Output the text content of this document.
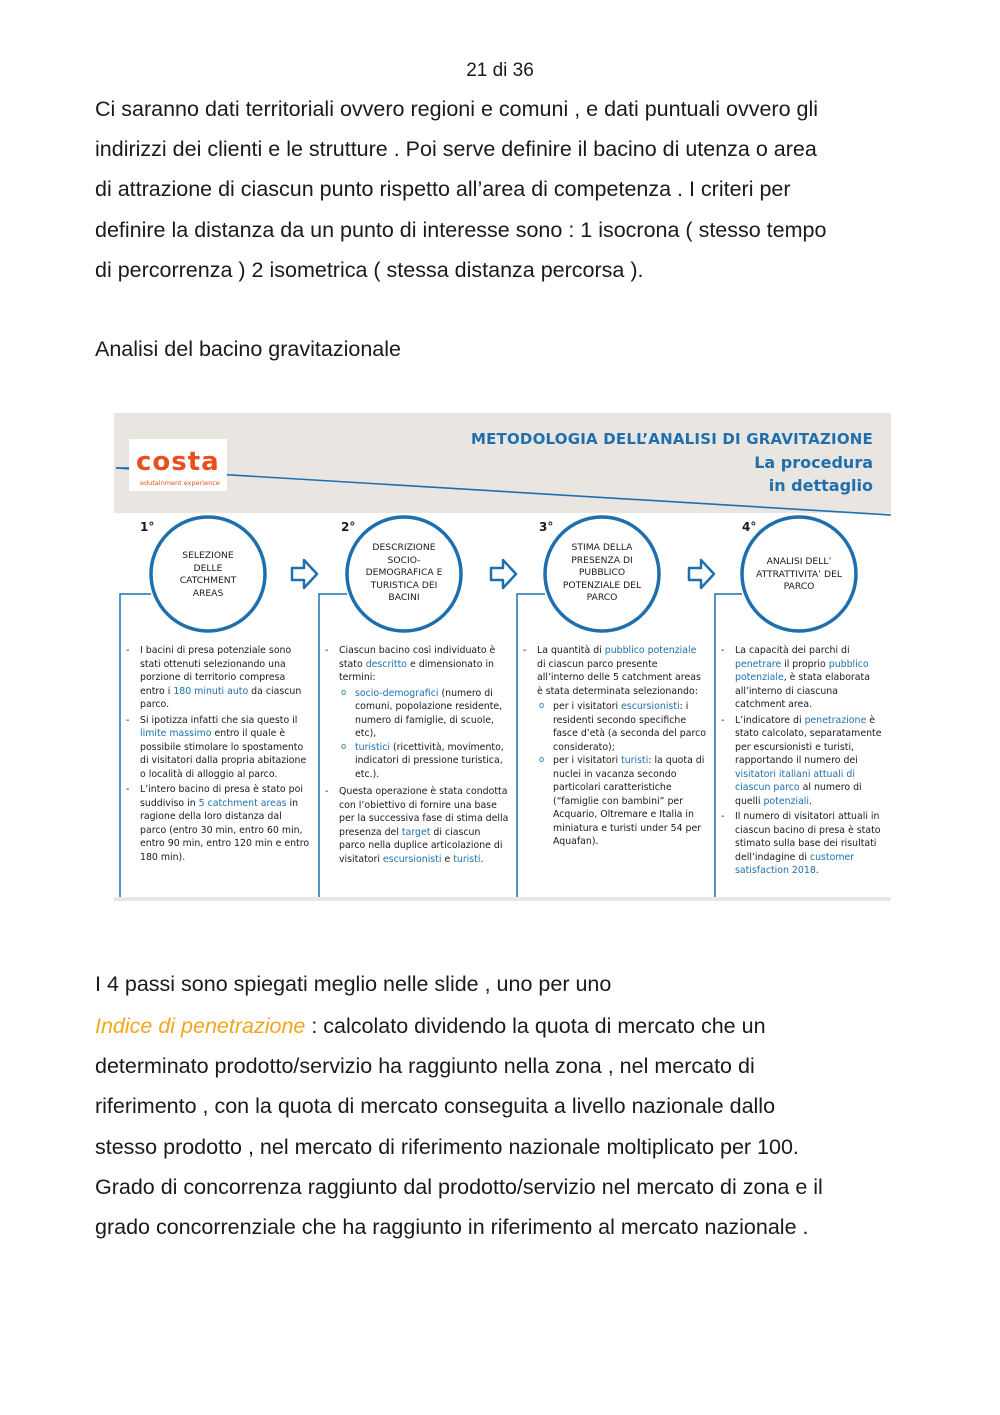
21 di 36
Ci saranno dati territoriali ovvero regioni e comuni , e dati puntuali ovvero gli
indirizzi dei clienti e le strutture . Poi serve definire il bacino di utenza o area
di attrazione di ciascun punto rispetto all’area di competenza . I criteri per
definire la distanza da un punto di interesse sono : 1 isocrona ( stesso tempo
di percorrenza ) 2 isometrica ( stessa distanza percorsa ).
Analisi del bacino gravitazionale
costa
edutainment experience
METODOLOGIA DELL’ANALISI DI GRAVITAZIONE
La procedura
in dettaglio
1°	2°	3°	4°
SELEZIONE DELLE CATCHMENT AREAS
DESCRIZIONE SOCIO-DEMOGRAFICA E TURISTICA DEI BACINI
STIMA DELLA PRESENZA DI PUBBLICO POTENZIALE DEL PARCO
ANALISI DELL’ ATTRATTIVITA’ DEL PARCO

- I bacini di presa potenziale sono stati ottenuti selezionando una porzione di territorio compresa entro i 180 minuti auto da ciascun parco.

- Si ipotizza infatti che sia questo il limite massimo entro il quale è possibile stimolare lo spostamento di visitatori dalla propria abitazione o località di alloggio al parco.

- L’intero bacino di presa è stato poi suddiviso in 5 catchment areas in ragione della loro distanza dal parco (entro 30 min, entro 60 min, entro 90 min, entro 120 min e entro 180 min).

- Ciascun bacino così individuato è stato descritto e dimensionato in termini:

o socio-demografici (numero di comuni, popolazione residente, numero di famiglie, di scuole, etc),
o turistici (ricettività, movimento, indicatori di pressione turistica, etc.).

- Questa operazione è stata condotta con l’obiettivo di fornire una base per la successiva fase di stima della presenza del target di ciascun parco nella duplice articolazione di visitatori escursionisti e turisti.

- La quantità di pubblico potenziale di ciascun parco presente all’interno delle 5 catchment areas è stata determinata selezionando:

o per i visitatori escursionisti: i residenti secondo specifiche fasce d’età (a seconda del parco considerato);
o per i visitatori turisti: la quota di nuclei in vacanza secondo particolari caratteristiche (“famiglie con bambini” per Acquario, Oltremare e Italia in miniatura e turisti under 54 per Aquafan).

- La capacità dei parchi di penetrare il proprio pubblico potenziale, è stata elaborata all’interno di ciascuna catchment area.

- L’indicatore di penetrazione è stato calcolato, separatamente per escursionisti e turisti, rapportando il numero dei visitatori italiani attuali di ciascun parco al numero di quelli potenziali.

- Il numero di visitatori attuali in ciascun bacino di presa è stato stimato sulla base dei risultati dell’indagine di customer satisfaction 2018.

I 4 passi sono spiegati meglio nelle slide , uno per uno
Indice di penetrazione : calcolato dividendo la quota di mercato che un
determinato prodotto/servizio ha raggiunto nella zona , nel mercato di
riferimento , con la quota di mercato conseguita a livello nazionale dallo
stesso prodotto , nel mercato di riferimento nazionale moltiplicato per 100.
Grado di concorrenza raggiunto dal prodotto/servizio nel mercato di zona e il
grado concorrenziale che ha raggiunto in riferimento al mercato nazionale .
